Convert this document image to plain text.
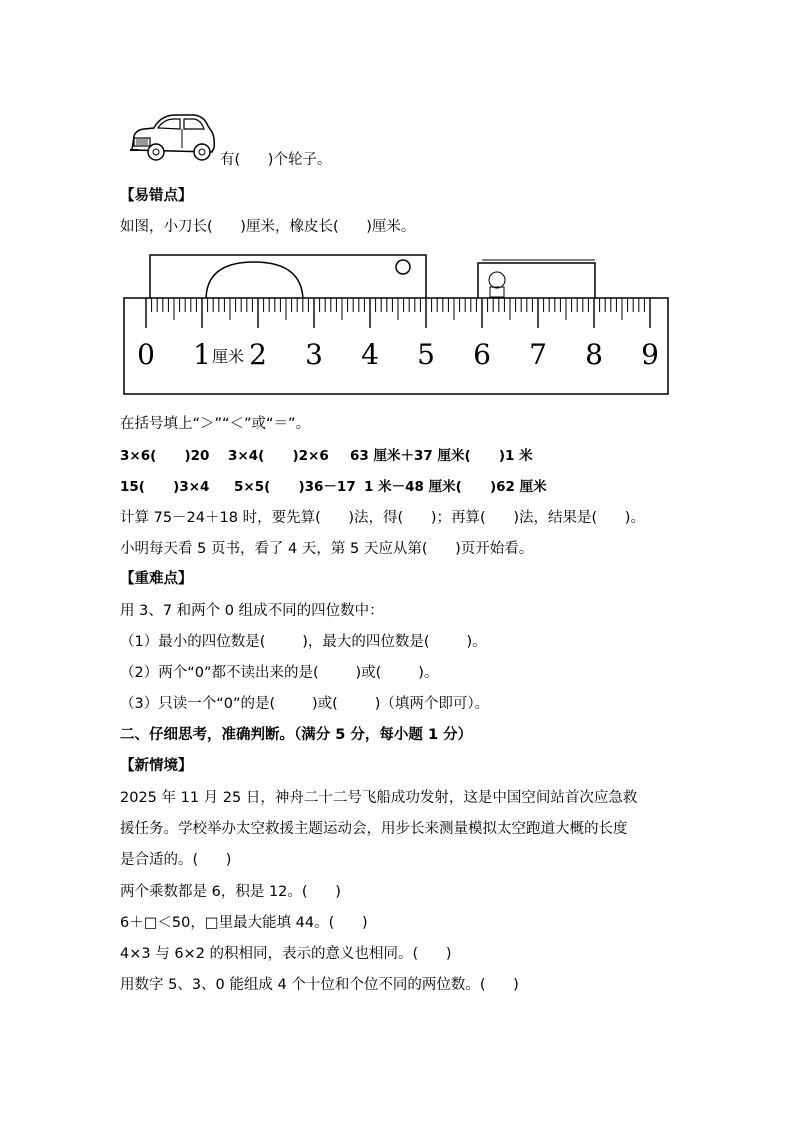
有(      )个轮子。
【易错点】
如图，小刀长(      )厘米，橡皮长(      )厘米。
0 1 2 3 4 5 6 7 8 9
厘米
在括号填上“＞”“＜”或“＝”。
3×6(      )20 3×4(      )2×6 63 厘米＋37 厘米(      )1 米
15(      )3×4 5×5(      )36－17 1 米－48 厘米(      )62 厘米
计算 75－24＋18 时，要先算(      )法，得(      )；再算(      )法，结果是(      )。
小明每天看 5 页书，看了 4 天，第 5 天应从第(      )页开始看。
【重难点】
用 3、7 和两个 0 组成不同的四位数中：
（1）最小的四位数是(        )，最大的四位数是(        )。
（2）两个“0”都不读出来的是(        )或(        )。
（3）只读一个“0”的是(        )或(        )（填两个即可）。
二、仔细思考，准确判断。（满分 5 分，每小题 1 分）
【新情境】
2025 年 11 月 25 日，神舟二十二号飞船成功发射，这是中国空间站首次应急救
援任务。学校举办太空救援主题运动会，用步长来测量模拟太空跑道大概的长度
是合适的。(      )
两个乘数都是 6，积是 12。(      )
6＋□＜50，□里最大能填 44。(      )
4×3 与 6×2 的积相同，表示的意义也相同。(      )
用数字 5、3、0 能组成 4 个十位和个位不同的两位数。(      )
